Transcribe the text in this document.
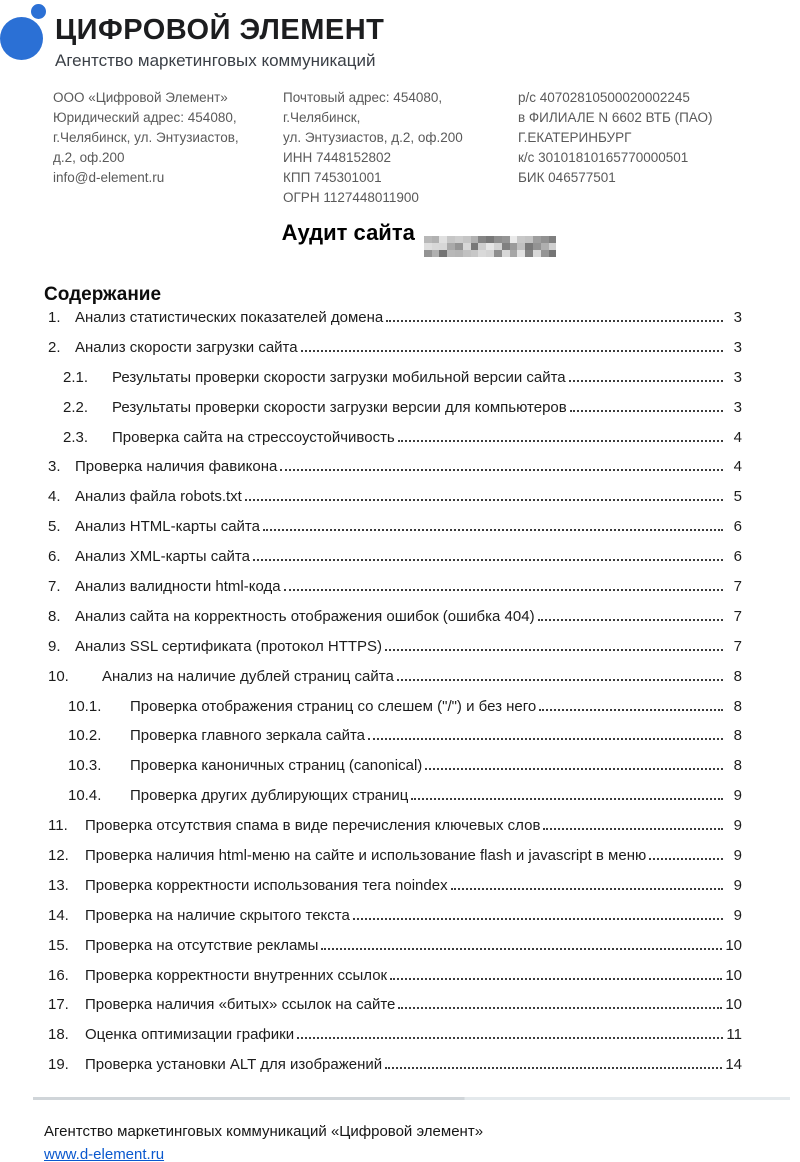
ЦИФРОВОЙ ЭЛЕМЕНТ
Агентство маркетинговых коммуникаций
ООО «Цифровой Элемент»
Юридический адрес: 454080,
г.Челябинск, ул. Энтузиастов,
д.2, оф.200
info@d-element.ru
Почтовый адрес: 454080, г.Челябинск,
ул. Энтузиастов, д.2, оф.200
ИНН 7448152802
КПП 745301001
ОГРН 1127448011900
р/с 40702810500020002245
в ФИЛИАЛЕ N 6602 ВТБ (ПАО)
Г.ЕКАТЕРИНБУРГ
к/с 30101810165770000501
БИК 046577501
Аудит сайта
Содержание
1. Анализ статистических показателей домена	3
2. Анализ скорости загрузки сайта	3
2.1.	Результаты проверки скорости загрузки мобильной версии сайта	3
2.2.	Результаты проверки скорости загрузки версии для компьютеров	3
2.3.	Проверка сайта на стрессоустойчивость	4
3. Проверка наличия фавикона	4
4. Анализ файла robots.txt	5
5. Анализ HTML-карты сайта	6
6. Анализ XML-карты сайта	6
7. Анализ валидности html-кода	7
8. Анализ сайта на корректность отображения ошибок (ошибка 404)	7
9. Анализ SSL сертификата (протокол HTTPS)	7
10.	Анализ на наличие дублей страниц сайта	8
10.1.	Проверка отображения страниц со слешем ("/") и без него	8
10.2.	Проверка главного зеркала сайта	8
10.3.	Проверка каноничных страниц (canonical)	8
10.4.	Проверка других дублирующих страниц	9
11.	Проверка отсутствия спама в виде перечисления ключевых слов	9
12.	Проверка наличия html-меню на сайте и использование flash и javascript в меню	9
13.	Проверка корректности использования тега noindex	9
14.	Проверка на наличие скрытого текста	9
15.	Проверка на отсутствие рекламы	10
16.	Проверка корректности внутренних ссылок	10
17.	Проверка наличия «битых» ссылок на сайте	10
18.	Оценка оптимизации графики	11
19.	Проверка установки ALT для изображений	14
Агентство маркетинговых коммуникаций «Цифровой элемент»
www.d-element.ru
